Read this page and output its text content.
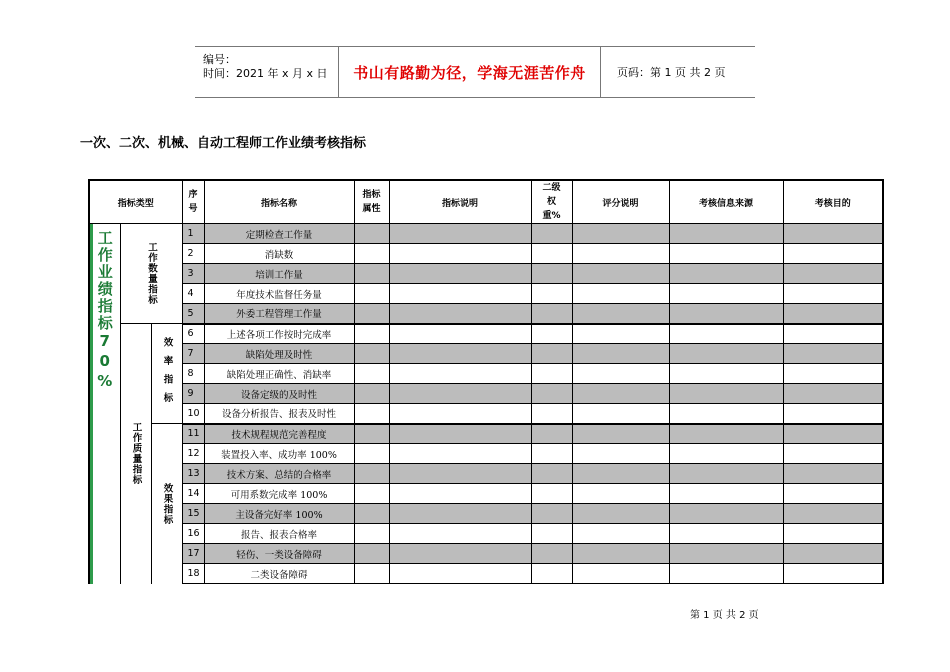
编号：
时间：2021 年 x 月 x 日	书山有路勤为径，学海无涯苦作舟	页码：第 1 页 共 2 页
一次、二次、机械、自动工程师工作业绩考核指标
指标类型			序号	指标名称	指标属性	指标说明	二级权重%	评分说明	考核信息来源	考核目的

工作业绩指标70%	工作数量指标		1	定期检查工作量						
			2	消缺数						
			3	培训工作量						
			4	年度技术监督任务量						
			5	外委工程管理工作量						

	工作质量指标	效率指标	6	上述各项工作按时完成率						
			7	缺陷处理及时性						
			8	缺陷处理正确性、消缺率						
			9	设备定级的及时性						
			10	设备分析报告、报表及时性						

		效果指标	11	技术规程规范完善程度						
			12	装置投入率、成功率 100%						
			13	技术方案、总结的合格率						
			14	可用系数完成率 100%						
			15	主设备完好率 100%						
			16	报告、报表合格率						
			17	轻伤、一类设备障碍						
			18	二类设备障碍						
第 1 页 共 2 页
